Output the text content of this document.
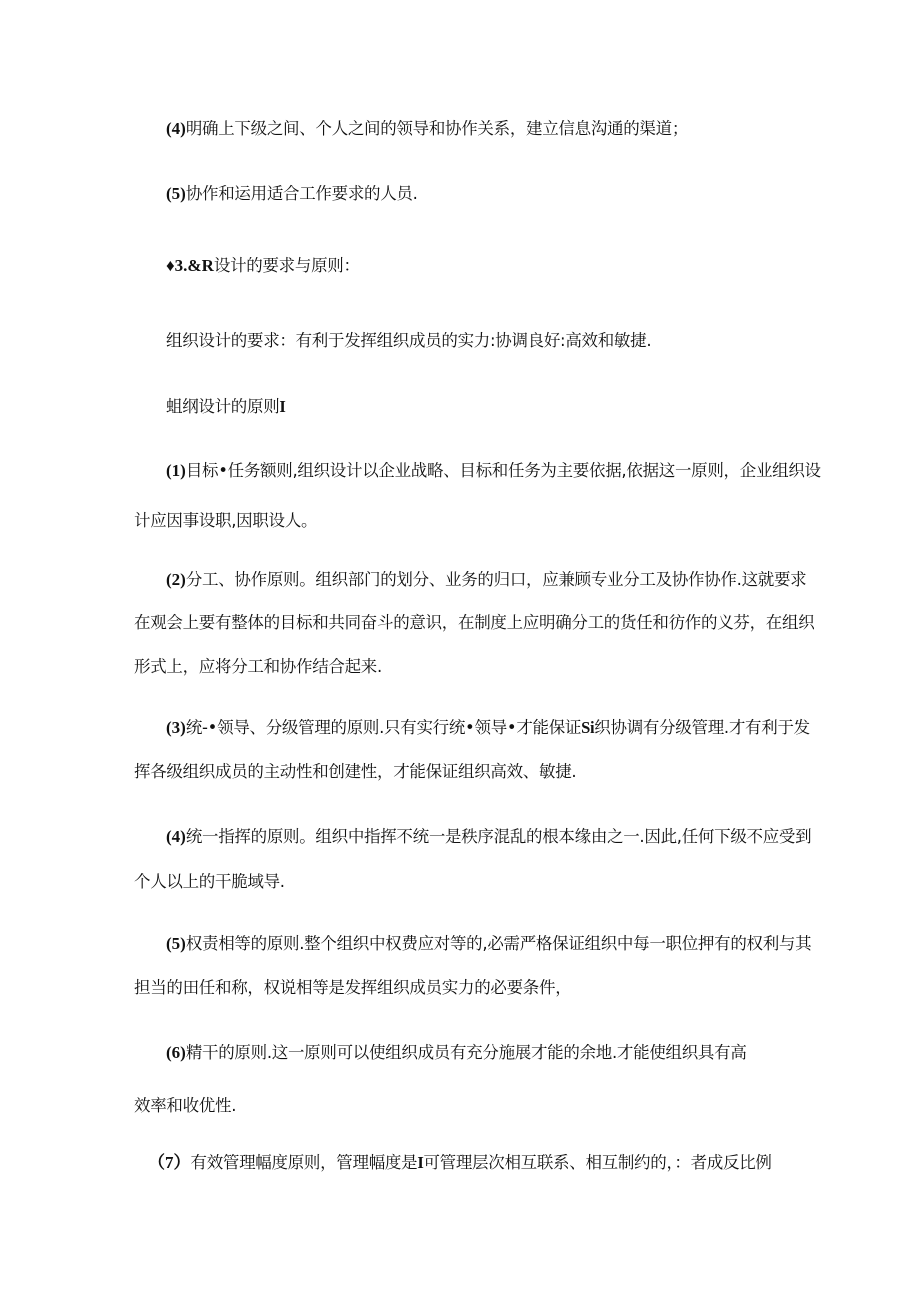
(4)明确上下级之间、个人之间的领导和协作关系，建立信息沟通的渠道；
(5)协作和运用适合工作要求的人员.
♦3.&R设计的要求与原则：
组织设计的要求：有利于发挥组织成员的实力:协调良好:高效和敏捷.
蛆纲设计的原则I
(1)目标•任务额则,组织设计以企业战略、目标和任务为主要依据,依据这一原则，企业组织设
计应因事设职,因职设人。
(2)分工、协作原则。组织部门的划分、业务的归口，应兼顾专业分工及协作协作.这就要求
在观会上要有整体的目标和共同奋斗的意识，在制度上应明确分工的货任和彷作的义芬，在组织
形式上，应将分工和协作结合起来.
(3)统-•领导、分级管理的原则.只有实行统•领导•才能保证Si织协调有分级管理.才有利于发
挥各级组织成员的主动性和创建性，才能保证组织高效、敏捷.
(4)统一指挥的原则。组织中指挥不统一是秩序混乱的根本缘由之一.因此,任何下级不应受到
个人以上的干脆域导.
(5)权责相等的原则.整个组织中权费应对等的,必需严格保证组织中每一职位押有的权利与其
担当的田任和称，权说相等是发挥组织成员实力的必要条件，
(6)精干的原则.这一原则可以使组织成员有充分施展才能的余地.才能使组织具有高
效率和收优性.
（7）有效管理幅度原则，管理幅度是I可管理层次相互联系、相互制约的，：者成反比例
